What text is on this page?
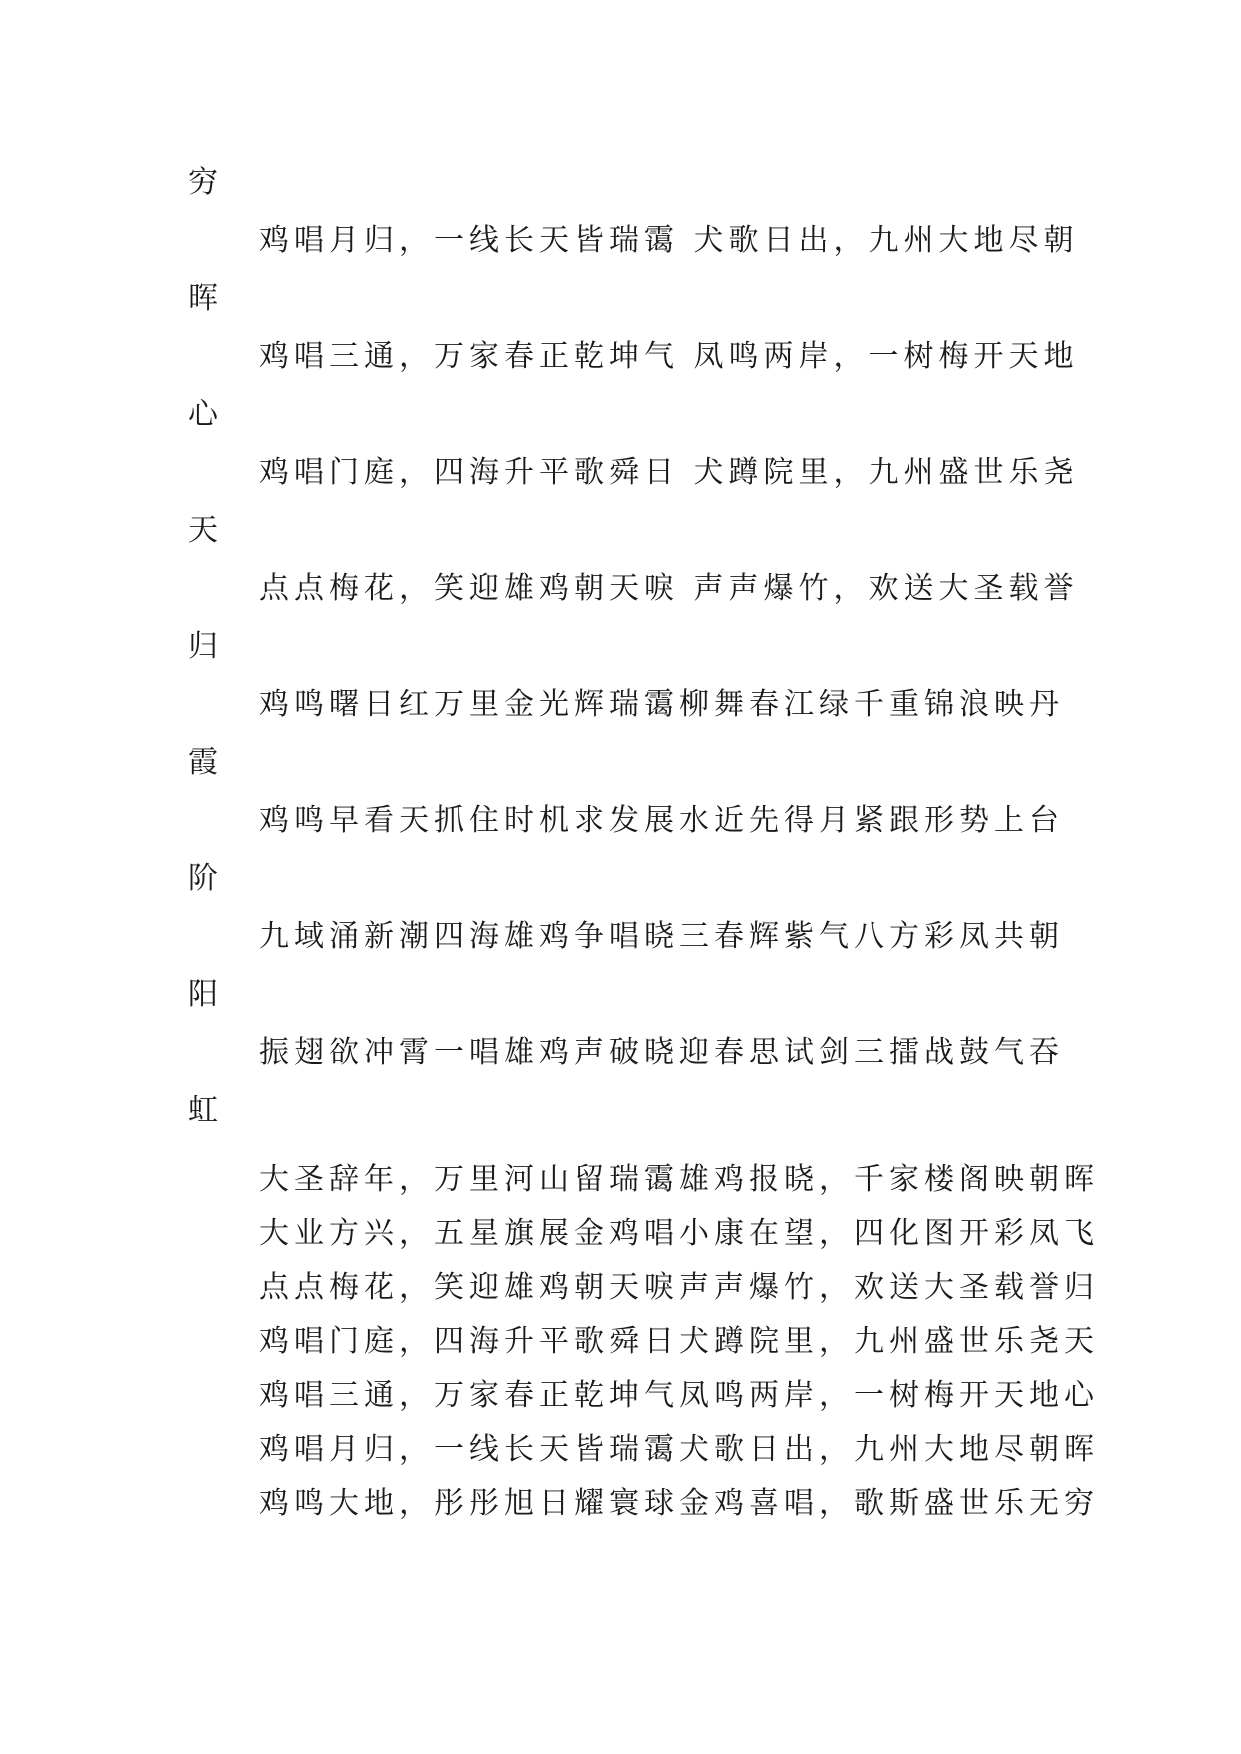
穷
鸡唱月归，一线长天皆瑞霭 犬歌日出，九州大地尽朝
晖
鸡唱三通，万家春正乾坤气 凤鸣两岸，一树梅开天地
心
鸡唱门庭，四海升平歌舜日 犬蹲院里，九州盛世乐尧
天
点点梅花，笑迎雄鸡朝天唳 声声爆竹，欢送大圣载誉
归
鸡鸣曙日红万里金光辉瑞霭柳舞春江绿千重锦浪映丹
霞
鸡鸣早看天抓住时机求发展水近先得月紧跟形势上台
阶
九域涌新潮四海雄鸡争唱晓三春辉紫气八方彩凤共朝
阳
振翅欲冲霄一唱雄鸡声破晓迎春思试剑三擂战鼓气吞
虹
大圣辞年，万里河山留瑞霭雄鸡报晓，千家楼阁映朝晖
大业方兴，五星旗展金鸡唱小康在望，四化图开彩凤飞
点点梅花，笑迎雄鸡朝天唳声声爆竹，欢送大圣载誉归
鸡唱门庭，四海升平歌舜日犬蹲院里，九州盛世乐尧天
鸡唱三通，万家春正乾坤气凤鸣两岸，一树梅开天地心
鸡唱月归，一线长天皆瑞霭犬歌日出，九州大地尽朝晖
鸡鸣大地，彤彤旭日耀寰球金鸡喜唱，歌斯盛世乐无穷
